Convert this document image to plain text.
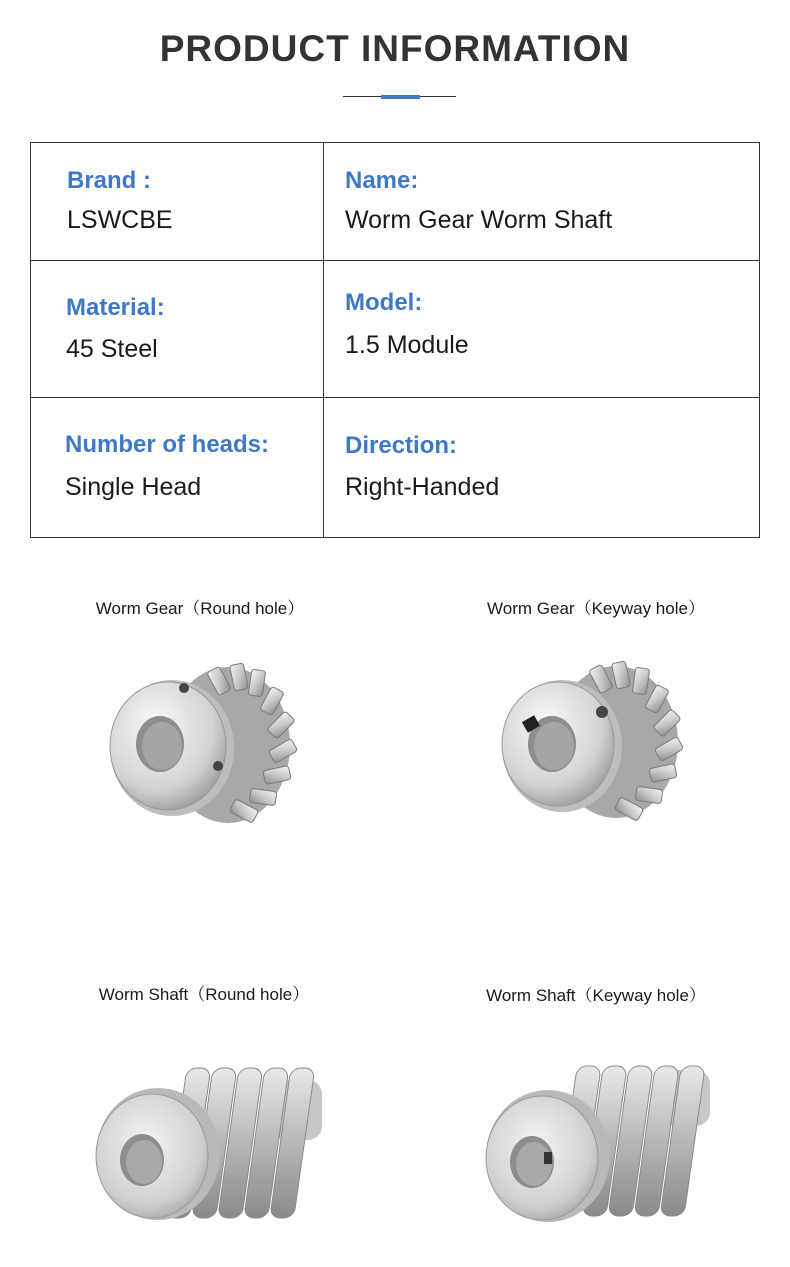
PRODUCT INFORMATION
Brand :
LSWCBE
Name:
Worm Gear Worm Shaft
Material:
45 Steel
Model:
1.5 Module
Number of heads:
Single Head
Direction:
Right-Handed
Worm Gear（Round hole）	Worm Gear（Keyway hole）
Worm Shaft（Round hole）	Worm Shaft（Keyway hole）
